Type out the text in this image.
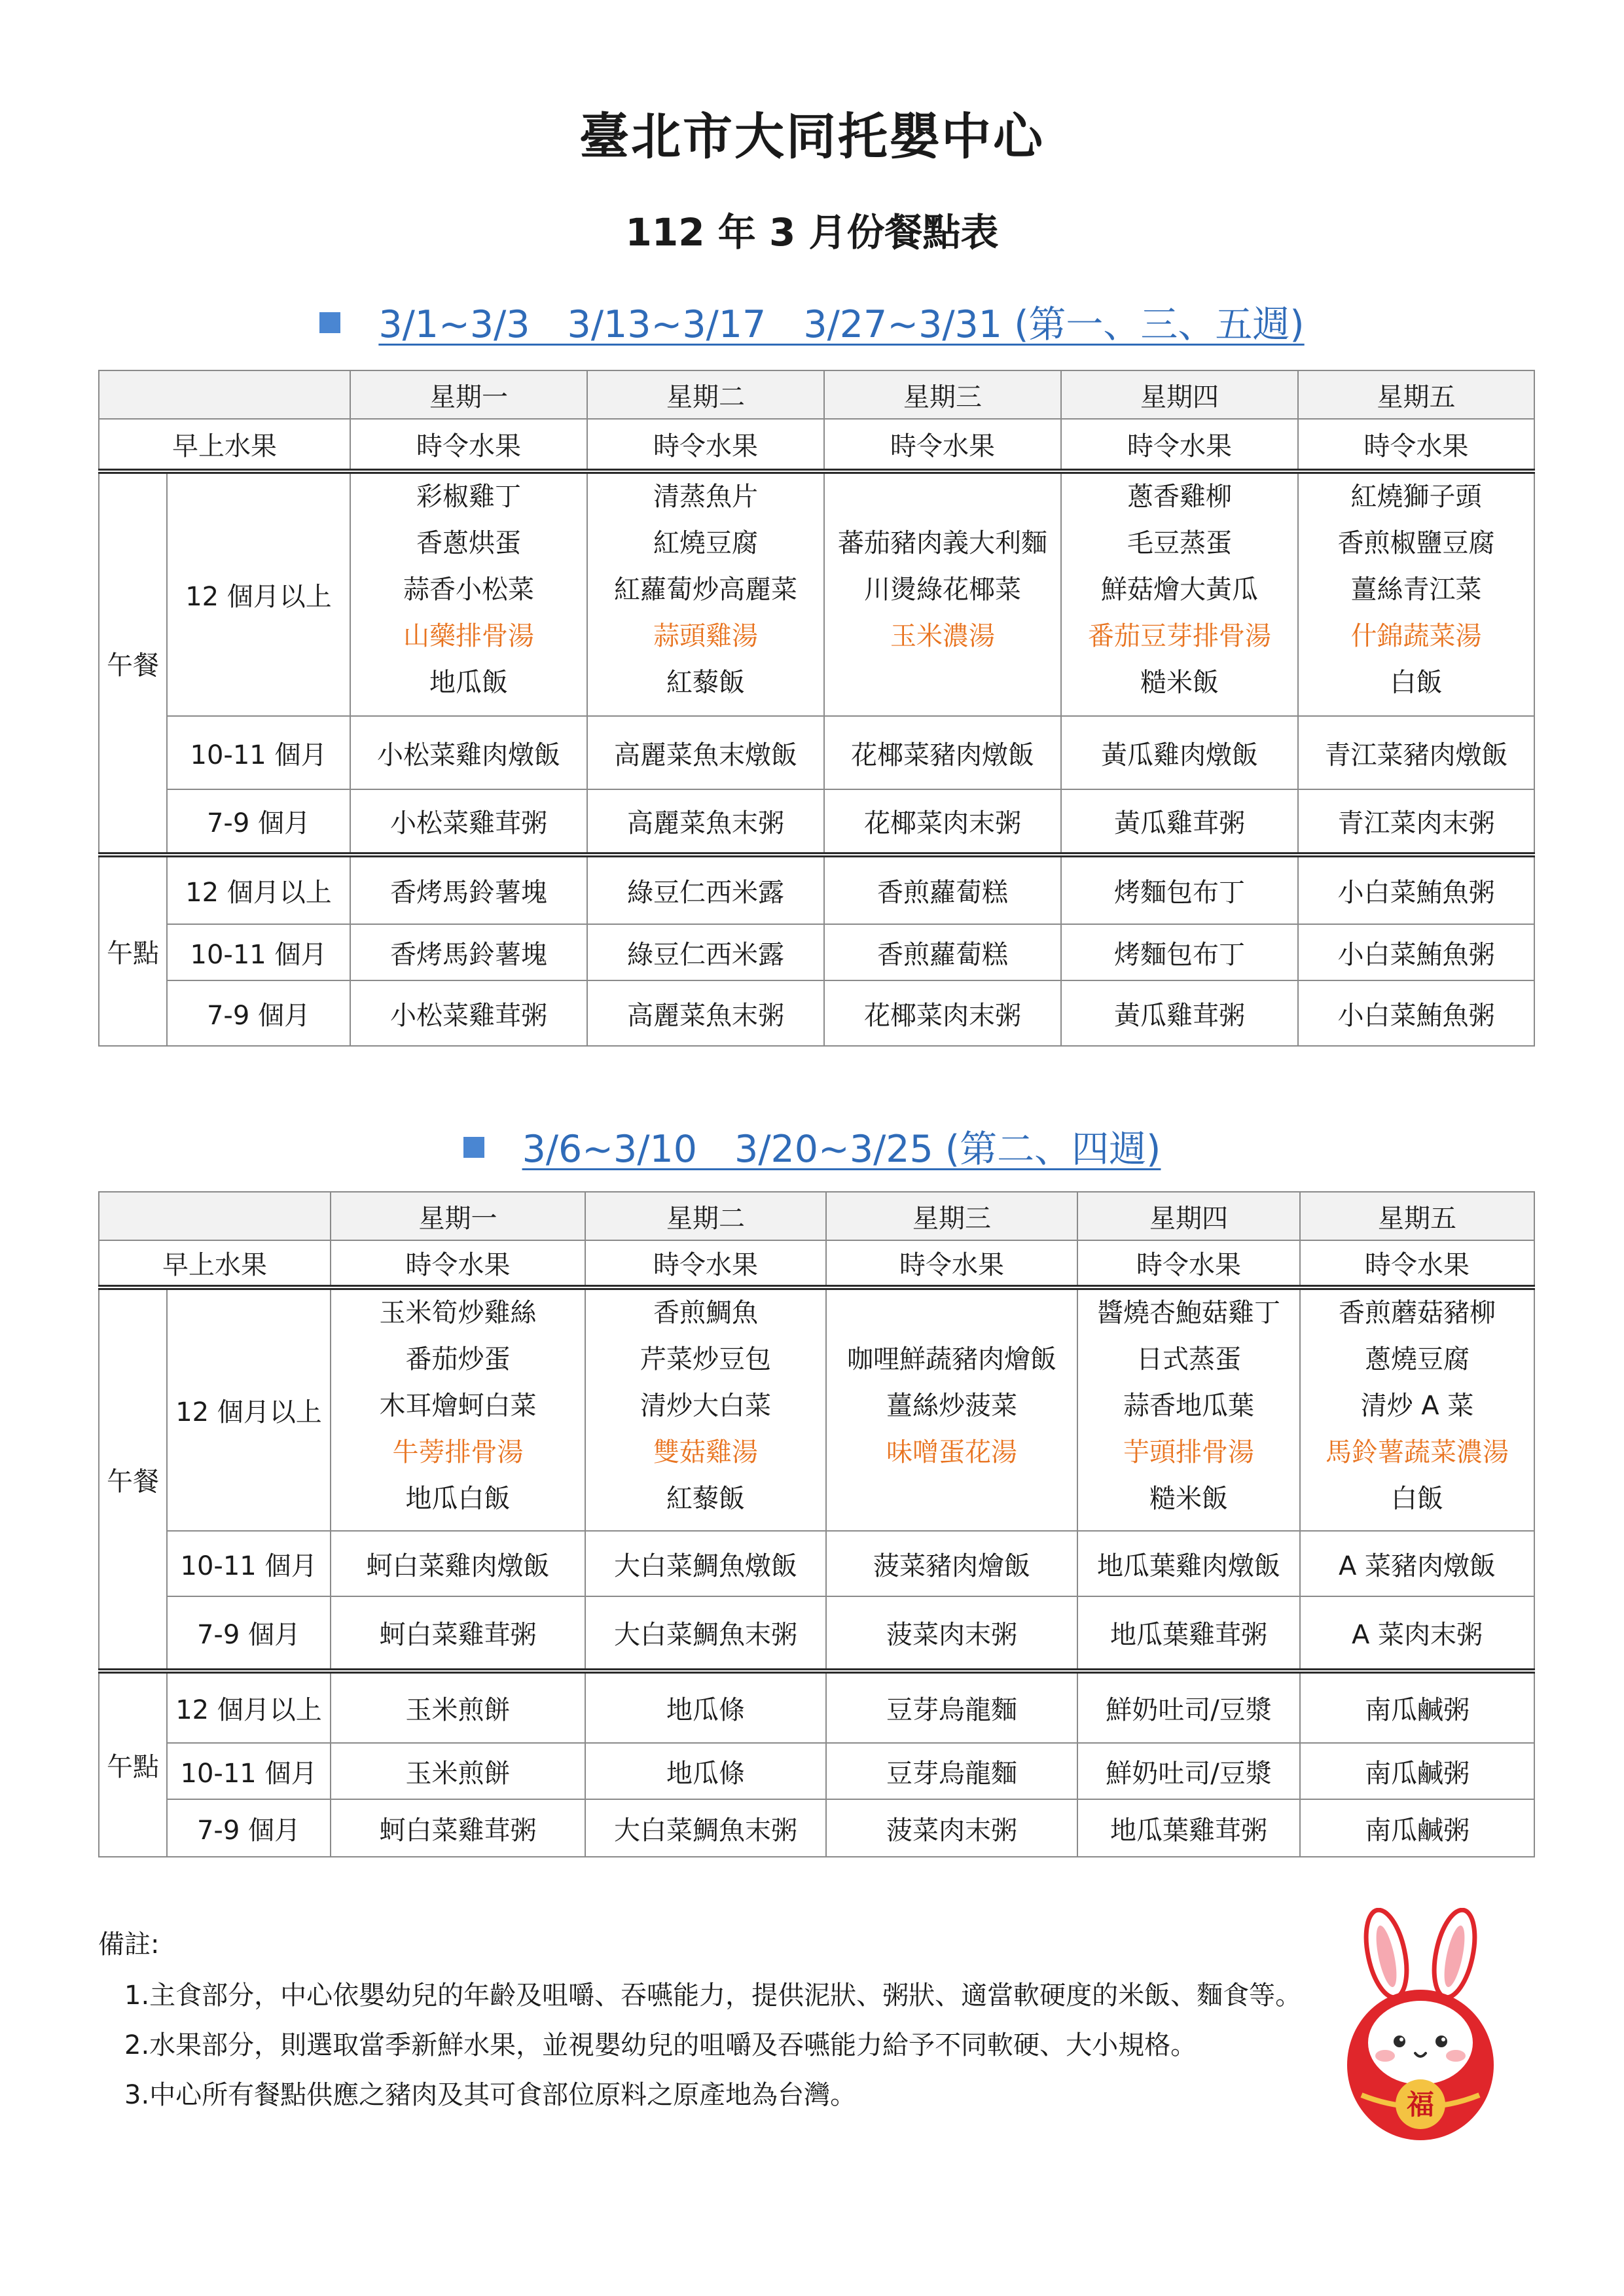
臺北市大同托嬰中心
112 年 3 月份餐點表
3/1~3/3　3/13~3/17　3/27~3/31 (第一、三、五週)
		星期一	星期二	星期三	星期四	星期五
早上水果		時令水果	時令水果	時令水果	時令水果	時令水果
午餐	12 個月以上	彩椒雞丁
香蔥烘蛋
蒜香小松菜
山藥排骨湯
地瓜飯	清蒸魚片
紅燒豆腐
紅蘿蔔炒高麗菜
蒜頭雞湯
紅藜飯	蕃茄豬肉義大利麵
川燙綠花椰菜
玉米濃湯	蔥香雞柳
毛豆蒸蛋
鮮菇燴大黃瓜
番茄豆芽排骨湯
糙米飯	紅燒獅子頭
香煎椒鹽豆腐
薑絲青江菜
什錦蔬菜湯
白飯

	10-11 個月	小松菜雞肉燉飯	高麗菜魚末燉飯	花椰菜豬肉燉飯	黃瓜雞肉燉飯	青江菜豬肉燉飯
	7-9 個月	小松菜雞茸粥	高麗菜魚末粥	花椰菜肉末粥	黃瓜雞茸粥	青江菜肉末粥
午點	12 個月以上	香烤馬鈴薯塊	綠豆仁西米露	香煎蘿蔔糕	烤麵包布丁	小白菜鮪魚粥
	10-11 個月	香烤馬鈴薯塊	綠豆仁西米露	香煎蘿蔔糕	烤麵包布丁	小白菜鮪魚粥
	7-9 個月	小松菜雞茸粥	高麗菜魚末粥	花椰菜肉末粥	黃瓜雞茸粥	小白菜鮪魚粥
3/6~3/10　3/20~3/25 (第二、四週)
		星期一	星期二	星期三	星期四	星期五
早上水果		時令水果	時令水果	時令水果	時令水果	時令水果
午餐	12 個月以上	玉米筍炒雞絲
番茄炒蛋
木耳燴蚵白菜
牛蒡排骨湯
地瓜白飯	香煎鯛魚
芹菜炒豆包
清炒大白菜
雙菇雞湯
紅藜飯	咖哩鮮蔬豬肉燴飯
薑絲炒菠菜
味噌蛋花湯	醬燒杏鮑菇雞丁
日式蒸蛋
蒜香地瓜葉
芋頭排骨湯
糙米飯	香煎蘑菇豬柳
蔥燒豆腐
清炒 A 菜
馬鈴薯蔬菜濃湯
白飯

	10-11 個月	蚵白菜雞肉燉飯	大白菜鯛魚燉飯	菠菜豬肉燴飯	地瓜葉雞肉燉飯	A 菜豬肉燉飯
	7-9 個月	蚵白菜雞茸粥	大白菜鯛魚末粥	菠菜肉末粥	地瓜葉雞茸粥	A 菜肉末粥
午點	12 個月以上	玉米煎餅	地瓜條	豆芽烏龍麵	鮮奶吐司/豆漿	南瓜鹹粥
	10-11 個月	玉米煎餅	地瓜條	豆芽烏龍麵	鮮奶吐司/豆漿	南瓜鹹粥
	7-9 個月	蚵白菜雞茸粥	大白菜鯛魚末粥	菠菜肉末粥	地瓜葉雞茸粥	南瓜鹹粥
備註:
1.主食部分，中心依嬰幼兒的年齡及咀嚼、吞嚥能力，提供泥狀、粥狀、適當軟硬度的米飯、麵食等。
2.水果部分，則選取當季新鮮水果，並視嬰幼兒的咀嚼及吞嚥能力給予不同軟硬、大小規格。
3.中心所有餐點供應之豬肉及其可食部位原料之原產地為台灣。	福
